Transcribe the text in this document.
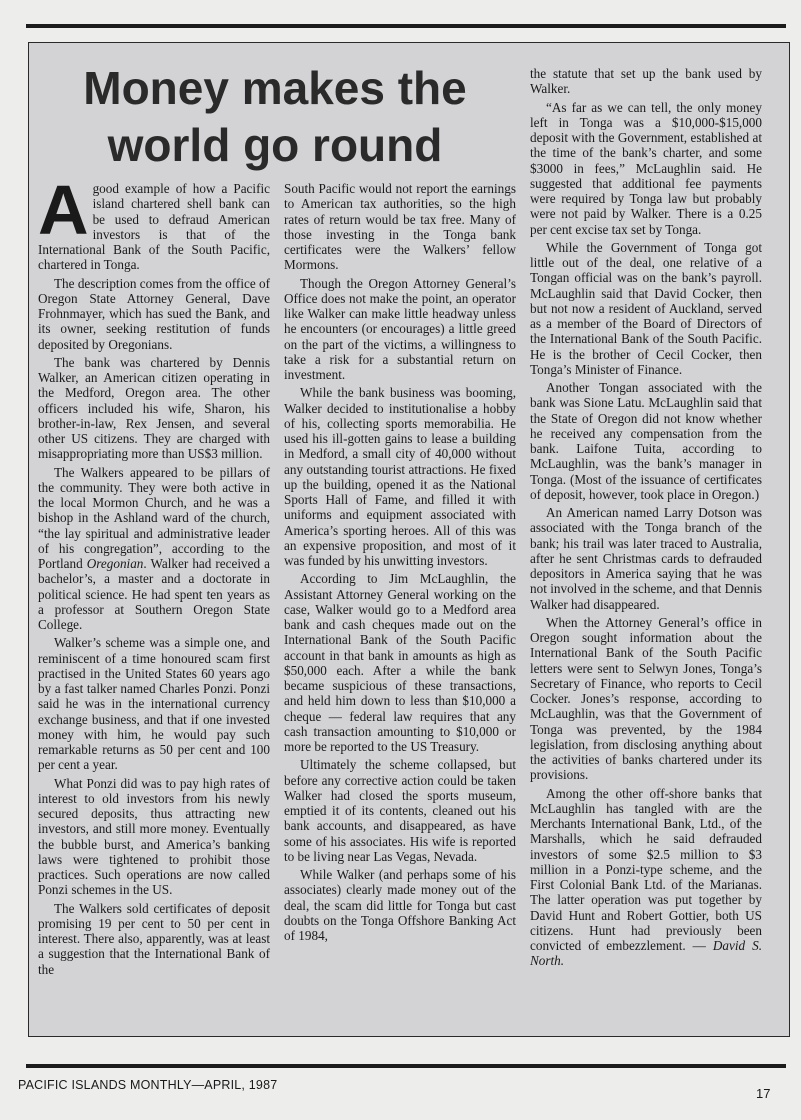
Money makes the world go round

Agood example of how a Pacific island chartered shell bank can be used to defraud American investors is that of the International Bank of the South Pacific, chartered in Tonga.

The description comes from the office of Oregon State Attorney General, Dave Frohnmayer, which has sued the Bank, and its owner, seeking restitution of funds deposited by Oregonians.

The bank was chartered by Dennis Walker, an American citizen operating in the Medford, Oregon area. The other officers included his wife, Sharon, his brother-in-law, Rex Jensen, and several other US citizens. They are charged with misappropriating more than US$3 million.

The Walkers appeared to be pillars of the community. They were both active in the local Mormon Church, and he was a bishop in the Ashland ward of the church, “the lay spiritual and administrative leader of his congregation”, according to the Portland Oregonian. Walker had received a bachelor’s, a master and a doctorate in political science. He had spent ten years as a professor at Southern Oregon State College.

Walker’s scheme was a simple one, and reminiscent of a time honoured scam first practised in the United States 60 years ago by a fast talker named Charles Ponzi. Ponzi said he was in the international currency exchange business, and that if one invested money with him, he would pay such remarkable returns as 50 per cent and 100 per cent a year.

What Ponzi did was to pay high rates of interest to old investors from his newly secured deposits, thus attracting new investors, and still more money. Eventually the bubble burst, and America’s banking laws were tightened to prohibit those practices. Such operations are now called Ponzi schemes in the US.

The Walkers sold certificates of deposit promising 19 per cent to 50 per cent in interest. There also, apparently, was at least a suggestion that the International Bank of the

South Pacific would not report the earnings to American tax authorities, so the high rates of return would be tax free. Many of those investing in the Tonga bank certificates were the Walkers’ fellow Mormons.

Though the Oregon Attorney General’s Office does not make the point, an operator like Walker can make little headway unless he encounters (or encourages) a little greed on the part of the victims, a willingness to take a risk for a substantial return on investment.

While the bank business was booming, Walker decided to institutionalise a hobby of his, collecting sports memorabilia. He used his ill-gotten gains to lease a building in Medford, a small city of 40,000 without any outstanding tourist attractions. He fixed up the building, opened it as the National Sports Hall of Fame, and filled it with uniforms and equipment associated with America’s sporting heroes. All of this was an expensive proposition, and most of it was funded by his unwitting investors.

According to Jim McLaughlin, the Assistant Attorney General working on the case, Walker would go to a Medford area bank and cash cheques made out on the International Bank of the South Pacific account in that bank in amounts as high as $50,000 each. After a while the bank became suspicious of these transactions, and held him down to less than $10,000 a cheque — federal law requires that any cash transaction amounting to $10,000 or more be reported to the US Treasury.

Ultimately the scheme collapsed, but before any corrective action could be taken Walker had closed the sports museum, emptied it of its contents, cleaned out his bank accounts, and disappeared, as have some of his associates. His wife is reported to be living near Las Vegas, Nevada.

While Walker (and perhaps some of his associates) clearly made money out of the deal, the scam did little for Tonga but cast doubts on the Tonga Offshore Banking Act of 1984,

the statute that set up the bank used by Walker.

“As far as we can tell, the only money left in Tonga was a $10,000-$15,000 deposit with the Government, established at the time of the bank’s charter, and some $3000 in fees,” McLaughlin said. He suggested that additional fee payments were required by Tonga law but probably were not paid by Walker. There is a 0.25 per cent excise tax set by Tonga.

While the Government of Tonga got little out of the deal, one relative of a Tongan official was on the bank’s payroll. McLaughlin said that David Cocker, then but not now a resident of Auckland, served as a member of the Board of Directors of the International Bank of the South Pacific. He is the brother of Cecil Cocker, then Tonga’s Minister of Finance.

Another Tongan associated with the bank was Sione Latu. McLaughlin said that the State of Oregon did not know whether he received any compensation from the bank. Laifone Tuita, according to McLaughlin, was the bank’s manager in Tonga. (Most of the issuance of certificates of deposit, however, took place in Oregon.)

An American named Larry Dotson was associated with the Tonga branch of the bank; his trail was later traced to Australia, after he sent Christmas cards to defrauded depositors in America saying that he was not involved in the scheme, and that Dennis Walker had disappeared.

When the Attorney General’s office in Oregon sought information about the International Bank of the South Pacific letters were sent to Selwyn Jones, Tonga’s Secretary of Finance, who reports to Cecil Cocker. Jones’s response, according to McLaughlin, was that the Government of Tonga was prevented, by the 1984 legislation, from disclosing anything about the activities of banks chartered under its provisions.

Among the other off-shore banks that McLaughlin has tangled with are the Merchants International Bank, Ltd., of the Marshalls, which he said defrauded investors of some $2.5 million to $3 million in a Ponzi-type scheme, and the First Colonial Bank Ltd. of the Marianas. The latter operation was put together by David Hunt and Robert Gottier, both US citizens. Hunt had previously been convicted of embezzlement. — David S. North.

PACIFIC ISLANDS MONTHLY—APRIL, 1987
17
